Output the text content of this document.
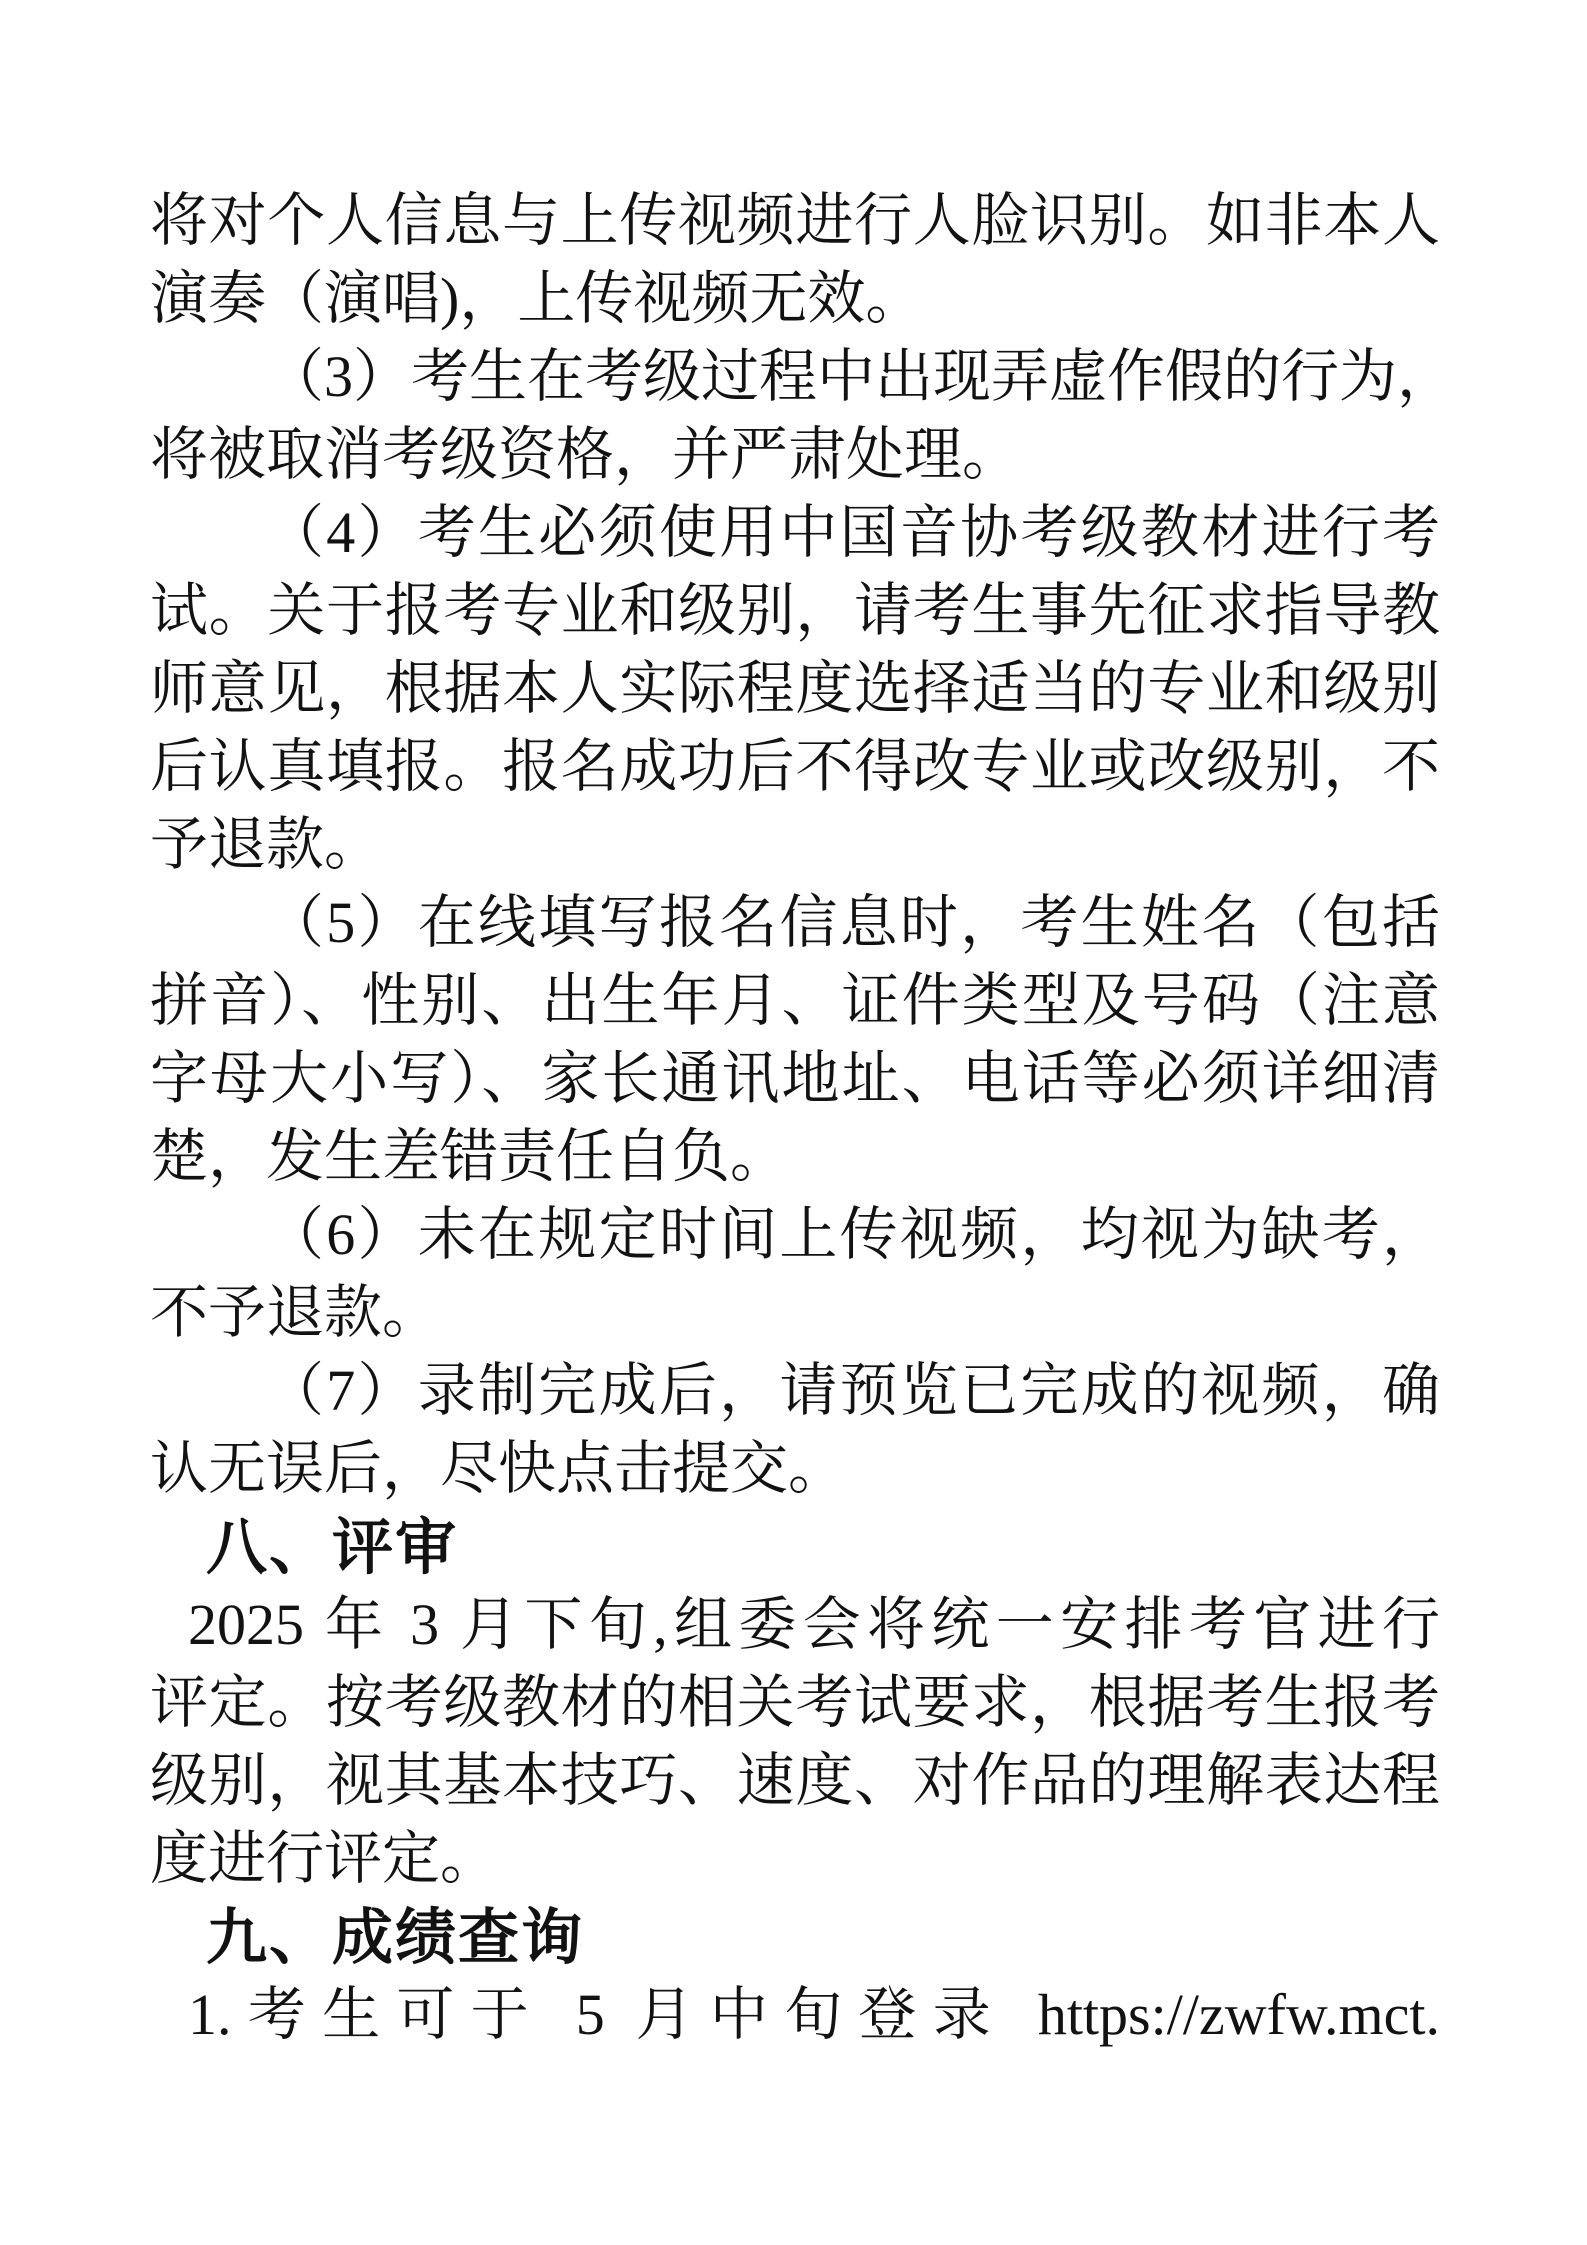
将对个人信息与上传视频进行人脸识别。如非本人
演奏（演唱)，上传视频无效。
（3）考生在考级过程中出现弄虚作假的行为，
将被取消考级资格，并严肃处理。
（4）考生必须使用中国音协考级教材进行考
试。关于报考专业和级别，请考生事先征求指导教
师意见，根据本人实际程度选择适当的专业和级别
后认真填报。报名成功后不得改专业或改级别，不
予退款。
（5）在线填写报名信息时，考生姓名（包括
拼音）、性别、出生年月、证件类型及号码（注意
字母大小写）、家长通讯地址、电话等必须详细清
楚，发生差错责任自负。
（6）未在规定时间上传视频，均视为缺考，
不予退款。
（7）录制完成后，请预览已完成的视频，确
认无误后，尽快点击提交。
八、评审
2025 年 3 月下旬,组委会将统一安排考官进行
评定。按考级教材的相关考试要求，根据考生报考
级别，视其基本技巧、速度、对作品的理解表达程
度进行评定。
九、成绩查询
1.考生可于 5 月中旬登录 https://zwfw.mct.
